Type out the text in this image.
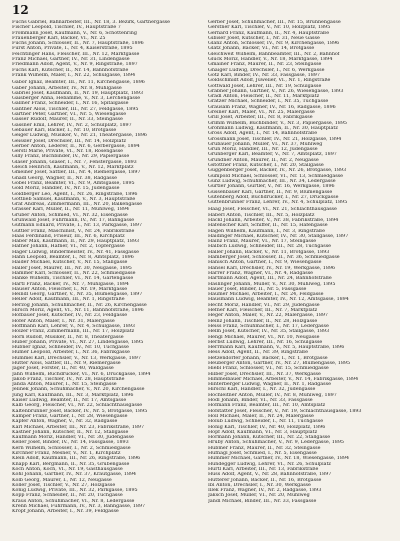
12

Fuchs Gabriel, Bahnarbeiter, III., Nr. 18, 3. Bezirk, Gärtnergasse

Fischer Leopold, Tischler, IV., Hauptstraße 7

Frommann Josef, Kaufmann, V., Nr. 6, Schottenring

Frauenberger Karl, Bäcker, VI., Nr. 25

Fuchs Johann, Schlosser, II., Nr. 7, Hauptstraße, 1896

Fürst Anton, Private, I., Nr. 4, Kaiserstraße, 1895

Feichtinger Hans, Fleischer, III., Nr. 12, Marktgasse

Franz Michael, Gärtner, IV., Nr. 31, Lindengasse

Friedmann Adolf, Agent, V., Nr. 9, Ringstraße, 1897

Fuchs Karl, Kutscher, II., Nr. 14, Bahnhofstraße

Frank Wilhelm, Maler, I., Nr. 22, Schulgasse, 1894

Gabor Ignaz, Beamter, III., Nr. 11, Kirchengasse, 1896

Gaber Johann, Arbeiter, IV., Nr. 8, Mühlgasse

Gabriel Josef, Kaufmann, II., Nr. 19, Hauptplatz, 1893

Gaisberger Anna, Hebamme, V., Nr. 3, Lerchengasse

Gallner Franz, Schneider, I., Nr. 16, Spitalgasse

Gantner Alois, Tischler, III., Nr. 27, Feldgasse, 1895

Gartner Peter, Gärtner, VI., Nr. 5, Wiesengasse

Gasser Rudolf, Maurer, II., Nr. 33, Steingasse

Gassner Emil, Lehrer, IV., Nr. 2, Schulplatz, 1897

Gebauer Karl, Bäcker, I., Nr. 10, Brotgasse

Geiger Ludwig, Musiker, V., Nr. 21, Theatergasse, 1896

Geissler Josef, Drechsler, III., Nr. 14, Holzplatz

Gerber Anton, Lederer, II., Nr. 6, Gerbergasse, 1894

Gerstl Marie, Private, VI., Nr. 18, Rosengasse

Gilly Franz, Buchbinder, IV., Nr. 29, Papiergasse

Glaser Johann, Glaser, I., Nr. 7, Fenstergasse, 1893

Gleich Heinrich, Kaufmann, V., Nr. 12, Marktplatz

Gmeiner Josef, Sattler, III., Nr. 4, Riemergasse, 1897

Gnadl Georg, Wagner, II., Nr. 38, Radgasse

Göbel Franz, Beamter, VI., Nr. 9, Amtsgasse, 1895

Gold Moriz, Händler, IV., Nr. 15, Judengasse

Goldberger Leo, Agent, I., Nr. 26, Ringstraße, 1896

Gottlieb Samuel, Kaufmann, V., Nr. 3, Hauptstraße

Graf Andreas, Zimmermann, III., Nr. 20, Balkengasse

Grasser Karl, Müller, II., Nr. 11, Mühlweg, 1894

Gruber Anton, Schmied, VI., Nr. 32, Eisengasse

Grünwald Josef, Fuhrmann, IV., Nr. 17, Bahngasse

Gutmann Eduard, Private, I., Nr. 13, Parkgasse, 1897

Güttler Franz, Maschinist, V., Nr. 24, Fabrikstraße

Haas Ferdinand, Friseur, III., Nr. 6, Kirchplatz

Haber Max, Kaufmann, II., Nr. 29, Hauptplatz, 1893

Hafner Johann, Hafner, VI., Nr. 2, Töpfergasse

Hager Ludwig, Bindermeister, IV., Nr. 41, Fassgasse

Hahn Leopold, Beamter, I., Nr. 8, Amtsplatz, 1896

Haider Michael, Kutscher, V., Nr. 15, Stallgasse

Haller Josef, Maurer, III., Nr. 30, Neugasse, 1895

Hammer Karl, Schlosser, II., Nr. 22, Schmiedgasse

Hanke Wilhelm, Tischler, VI., Nr. 14, Gartengasse

Hartl Franz, Bäcker, IV., Nr. 7, Mühlgasse, 1894

Hauser Anton, Fleischer, I., Nr. 19, Marktgasse

Heindl Georg, Gärtner, V., Nr. 35, Blumengasse, 1897

Heller Adolf, Kaufmann, III., Nr. 1, Ringstraße

Herzog Johann, Schuhmacher, II., Nr. 26, Kirchengasse

Hirsch Moriz, Agent, VI., Nr. 11, Bahnhofstraße, 1896

Hofbauer Josef, Kutscher, IV., Nr. 23, Feldgasse

Hofer Anton, Maler, I., Nr. 31, Malergasse

Hoffmann Karl, Lehrer, V., Nr. 4, Schulgasse, 1893

Holzer Franz, Zimmermann, III., Nr. 17, Holzplatz

Horn Rudolf, Musiker, II., Nr. 8, Theatergasse

Huber Johann, Private, VI., Nr. 27, Lindengasse, 1895

Hübner Ignaz, Schneider, IV., Nr. 10, Tuchgasse

Humer Leopold, Arbeiter, I., Nr. 36, Fabrikgasse

Hummel Karl, Drechsler, V., Nr. 13, Werkgasse, 1897

Hutter Alois, Sattler, III., Nr. 9, Riemergasse

Jäger Josef, Förster, II., Nr. 40, Waldgasse

Jahn Wilhelm, Buchdrucker, VI., Nr. 6, Druckgasse, 1894

Jakob Franz, Tischler, IV., Nr. 28, Hauptstraße

Janda Anton, Maurer, I., Nr. 15, Steingasse

Jelinek Johann, Schuhmacher, V., Nr. 20, Kirchengasse

Jung Karl, Kaufmann, III., Nr. 3, Marktplatz, 1896

Kaiser Ludwig, Beamter, II., Nr. 17, Amtsgasse

Kalb Georg, Fleischer, VI., Nr. 22, Schlachthausgasse

Kaltenbrunner Josef, Bäcker, IV., Nr. 5, Brotgasse, 1895

Kamper Franz, Gärtner, I., Nr. 28, Wiesengasse

Kapfer Anton, Wagner, V., Nr. 32, Radgasse

Karl Michael, Arbeiter, III., Nr. 23, Fabrikstraße, 1897

Kastner Johann, Kutscher, II., Nr. 12, Stallgasse

Kaufmann Moriz, Händler, VI., Nr. 30, Judengasse

Keller Josef, Binder, IV., Nr. 14, Fassgasse, 1893

Kern Wilhelm, Schlosser, I., Nr. 2, Schmiedgasse

Kirchner Franz, Mesner, V., Nr. 1, Kirchplatz

Klein Adolf, Kaufmann, III., Nr. 26, Ringstraße, 1896

Knapp Karl, Bergmann, II., Nr. 35, Grubengasse

Koch Anton, Koch, VI., Nr. 19, Gasthausgasse

Kohl Johann, Gärtner, IV., Nr. 37, Krautgasse, 1894

Kolb Georg, Maurer, I., Nr. 12, Neugasse

Koller Josef, Tischler, V., Nr. 27, Holzgasse

König Ludwig, Private, III., Nr. 32, Parkgasse, 1895

Kopp Franz, Schneider, II., Nr. 20, Tuchgasse

Kraus Anton, Schuhmacher, VI., Nr. 8, Ledergasse

Krenn Michael, Fuhrmann, IV., Nr. 3, Bahngasse, 1897

Kropf Johann, Arbeiter, I., Nr. 39, Feldgasse

Gerber Josef, Schuhmacher, III., Nr. 15, Brunnengasse

Gerstner Karl, Tischler, V., Nr. 10, Holzplatz, 1895

Gerhard Franz, Kaufmann, II., Nr. 4, Hauptstraße

Gibiser Josef, Kutscher, I., Nr. 31, Neue Gasse

Glanz Anton, Schlosser, IV., Nr. 9, Kirchengasse, 1896

Glatz Johann, Bäcker, VI., Nr. 14, Brotgasse

Gleichweit Wilhelm, Bahnbeamter, III., Nr. 2, Bahnhof

Glück Moriz, Händler, V., Nr. 18, Marktgasse, 1894

Gmainer Franz, Maurer, II., Nr. 23, Steingasse

Gnaiger Ludwig, Drechsler, I., Nr. 6, Werkgasse

Götz Karl, Binder, IV., Nr. 33, Fassgasse, 1897

Goldschmidt Adolf, Juwelier, VI., Nr. 1, Ringstraße

Gottwald Josef, Lehrer, III., Nr. 19, Schulgasse

Grabner Johann, Gärtner, V., Nr. 26, Wiesengasse, 1893

Gradl Anton, Fleischer, II., Nr. 11, Marktplatz

Gratzer Michael, Schneider, I., Nr. 35, Tuchgasse

Grausam Franz, Wagner, IV., Nr. 16, Radgasse, 1896

Greiner Karl, Maler, VI., Nr. 25, Malergasse

Grill Josef, Arbeiter, III., Nr. 8, Fabrikgasse

Grimm Wilhelm, Buchbinder, V., Nr. 3, Papiergasse, 1895

Grohmann Ludwig, Kaufmann, II., Nr. 30, Hauptplatz

Gross Adolf, Agent, I., Nr. 14, Bahnhofstraße

Grossmann Josef, Tischler, IV., Nr. 21, Holzgasse, 1894

Grubauer Johann, Müller, VI., Nr. 37, Mühlweg

Grün Moriz, Händler, III., Nr. 12, Judengasse

Grünberger Karl, Beamter, V., Nr. 7, Amtsplatz, 1897

Grundner Anton, Maurer, II., Nr. 2, Neugasse

Gstöttner Franz, Kutscher, I., Nr. 20, Stallgasse

Guggenberger Josef, Bäcker, IV., Nr. 26, Brotgasse, 1893

Gumpold Michael, Schlosser, VI., Nr. 13, Schmiedgasse

Gunz Ludwig, Schuhmacher, III., Nr. 34, Ledergasse

Gürtler Johann, Gürtler, V., Nr. 16, Werkgasse, 1896

Gussenbauer Karl, Gärtner, II., Nr. 9, Blumengasse

Gutenberg Adolf, Buchdrucker, I., Nr. 27, Druckgasse

Guttenbrunner Franz, Lehrer, IV., Nr. 4, Schulplatz, 1895

Haag Josef, Fleischer, VI., Nr. 21, Schlachthausgasse

Haberl Anton, Tischler, III., Nr. 5, Holzplatz

Hackl Johann, Arbeiter, V., Nr. 38, Fabrikstraße, 1894

Hafenscher Karl, Schiffer, II., Nr. 15, Hafengasse

Hagen Wilhelm, Kaufmann, I., Nr. 3, Ringstraße

Haidinger Michael, Kutscher, IV., Nr. 30, Stallgasse, 1897

Hainz Franz, Maurer, VI., Nr. 17, Steingasse

Halbich Ludwig, Schneider, III., Nr. 28, Tuchgasse

Haller Johann, Bäcker, V., Nr. 11, Brotgasse, 1893

Hamberger Josef, Schlosser, II., Nr. 36, Schmiedgasse

Hanisch Anton, Gärtner, I., Nr. 9, Wiesengasse

Hansel Karl, Drechsler, IV., Nr. 19, Werkgasse, 1896

Harrer Franz, Wagner, VI., Nr. 4, Radgasse

Hartmann Adolf, Agent, III., Nr. 24, Bahnhofstraße

Haslinger Johann, Müller, V., Nr. 30, Mühlweg, 1895

Hauer Josef, Binder, II., Nr. 5, Fassgasse

Haumer Michael, Arbeiter, I., Nr. 24, Feldgasse

Hausmann Ludwig, Beamter, IV., Nr. 12, Amtsgasse, 1894

Hecht Moriz, Händler, VI., Nr. 29, Judengasse

Hefner Karl, Fleischer, III., Nr. 7, Marktplatz

Heger Anton, Maler, V., Nr. 22, Malergasse, 1897

Heinz Johann, Tischler, II., Nr. 28, Holzgasse

Heiss Franz, Schuhmacher, I., Nr. 17, Ledergasse

Helm Josef, Kutscher, IV., Nr. 35, Stallgasse, 1893

Hengl Michael, Maurer, VI., Nr. 10, Neugasse

Herbst Ludwig, Lehrer, III., Nr. 16, Schulgasse

Herrmann Karl, Kaufmann, V., Nr. 5, Hauptstraße, 1896

Hess Adolf, Agent, II., Nr. 39, Ringstraße

Hetzendorfer Johann, Bäcker, I., Nr. 1, Brotgasse

Heuberger Anton, Gärtner, IV., Nr. 27, Blumengasse, 1895

Hiebl Franz, Schlosser, VI., Nr. 15, Schmiedgasse

Hilber Josef, Drechsler, III., Nr. 37, Werkgasse

Himmelbauer Michael, Arbeiter, V., Nr. 14, Fabrikgasse, 1894

Hinterberger Ludwig, Wagner, II., Nr. 1, Radgasse

Hirschl Karl, Händler, I., Nr. 32, Judengasse

Hochleitner Anton, Müller, IV., Nr. 8, Mühlweg, 1897

Hödl Johann, Binder, VI., Nr. 33, Fassgasse

Hofmann Franz, Beamter, III., Nr. 10, Amtsplatz

Hofstätter Josef, Fleischer, V., Nr. 19, Schlachthausgasse, 1893

Holl Michael, Maler, II., Nr. 24, Malergasse

Holub Ludwig, Schneider, I., Nr. 11, Tuchgasse

Hönig Karl, Tischler, IV., Nr. 40, Holzplatz, 1896

Hopf Adolf, Kaufmann, VI., Nr. 3, Hauptplatz

Hörmann Johann, Kutscher, III., Nr. 22, Stallgasse

Hruby Anton, Schuhmacher, V., Nr. 9, Ledergasse, 1895

Hubmer Franz, Maurer, II., Nr. 32, Steingasse

Hufnagl Josef, Schmied, I., Nr. 5, Eisengasse

Hummer Michael, Gärtner, IV., Nr. 18, Wiesengasse, 1894

Hundegger Ludwig, Lehrer, VI., Nr. 26, Schulplatz

Hurtl Karl, Arbeiter, III., Nr. 13, Fabrikstraße

Huss Adolf, Agent, V., Nr. 28, Bahnhofstraße, 1897

Hutterer Johann, Bäcker, II., Nr. 16, Brotgasse

Ibl Anton, Drechsler, I., Nr. 30, Werkgasse

Illek Franz, Wagner, IV., Nr. 2, Radgasse, 1893

Jaksch Josef, Müller, VI., Nr. 20, Mühlweg

Jandl Michael, Binder, III., Nr. 33, Fassgasse
